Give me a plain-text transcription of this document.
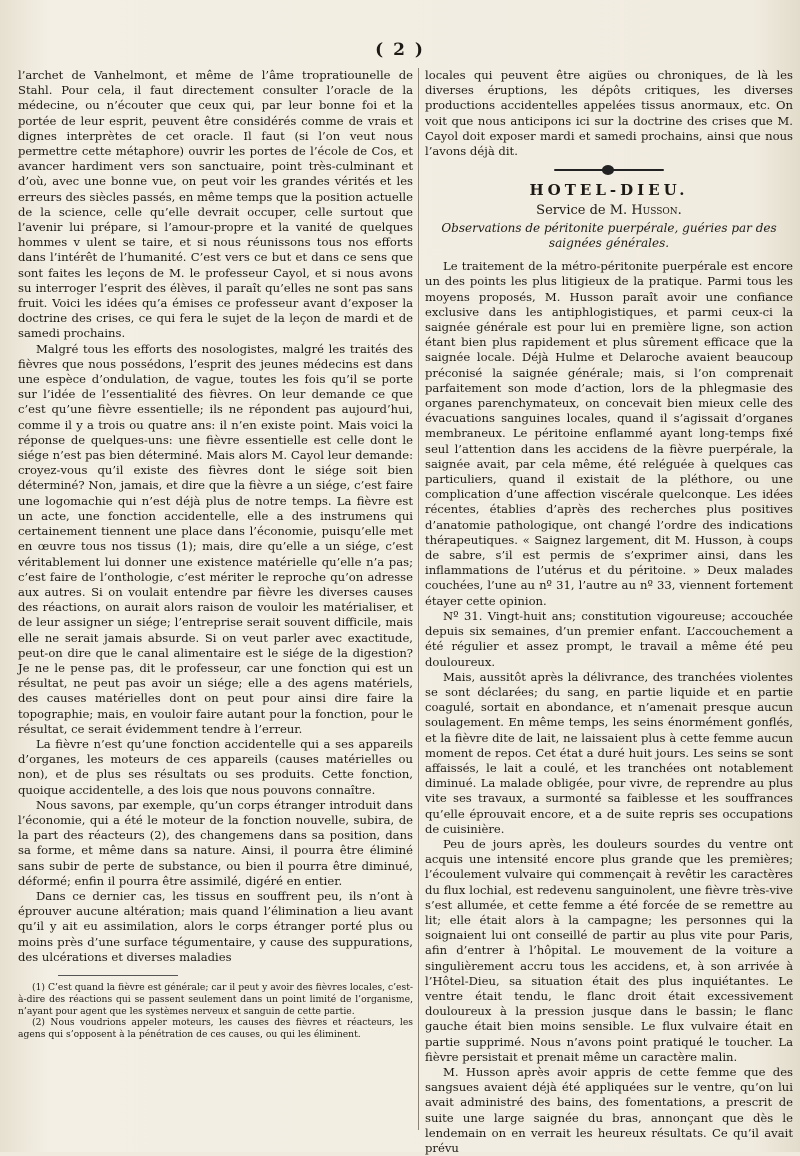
( 2 )

l’archet de Vanhelmont, et même de l’âme tropratiounelle de Stahl. Pour cela, il faut directement consulter l’oracle de la médecine, ou n’écouter que ceux qui, par leur bonne foi et la portée de leur esprit, peuvent être considérés comme de vrais et dignes interprètes de cet oracle. Il faut (si l’on veut nous permettre cette métaphore) ouvrir les portes de l’école de Cos, et avancer hardiment vers son sanctuaire, point très-culminant et d’où, avec une bonne vue, on peut voir les grandes vérités et les erreurs des siècles passés, en même temps que la position actuelle de la science, celle qu’elle devrait occuper, celle surtout que l’avenir lui prépare, si l’amour-propre et la vanité de quelques hommes v ulent se taire, et si nous réunissons tous nos efforts dans l’intérêt de l’humanité. C’est vers ce but et dans ce sens que sont faites les leçons de M. le professeur Cayol, et si nous avons su interroger l’esprit des élèves, il paraît qu’elles ne sont pas sans fruit. Voici les idées qu’a émises ce professeur avant d’exposer la doctrine des crises, ce qui fera le sujet de la leçon de mardi et de samedi prochains.

Malgré tous les efforts des nosologistes, malgré les traités des fièvres que nous possédons, l’esprit des jeunes médecins est dans une espèce d’ondulation, de vague, toutes les fois qu’il se porte sur l’idée de l’essentialité des fièvres. On leur demande ce que c’est qu’une fièvre essentielle; ils ne répondent pas aujourd’hui, comme il y a trois ou quatre ans: il n’en existe point. Mais voici la réponse de quelques-uns: une fièvre essentielle est celle dont le siége n’est pas bien déterminé. Mais alors M. Cayol leur demande: croyez-vous qu’il existe des fièvres dont le siége soit bien déterminé? Non, jamais, et dire que la fièvre a un siége, c’est faire une logomachie qui n’est déjà plus de notre temps. La fièvre est un acte, une fonction accidentelle, elle a des instrumens qui certainement tiennent une place dans l’économie, puisqu’elle met en œuvre tous nos tissus (1); mais, dire qu’elle a un siége, c’est véritablement lui donner une existence matérielle qu’elle n’a pas; c’est faire de l’onthologie, c’est mériter le reproche qu’on adresse aux autres. Si on voulait entendre par fièvre les diverses causes des réactions, on aurait alors raison de vouloir les matérialiser, et de leur assigner un siége; l’entreprise serait souvent difficile, mais elle ne serait jamais absurde. Si on veut parler avec exactitude, peut-on dire que le canal alimentaire est le siége de la digestion? Je ne le pense pas, dit le professeur, car une fonction qui est un résultat, ne peut pas avoir un siége; elle a des agens matériels, des causes matérielles dont on peut pour ainsi dire faire la topographie; mais, en vouloir faire autant pour la fonction, pour le résultat, ce serait évidemment tendre à l’erreur.

La fièvre n’est qu’une fonction accidentelle qui a ses appareils d’organes, les moteurs de ces appareils (causes matérielles ou non), et de plus ses résultats ou ses produits. Cette fonction, quoique accidentelle, a des lois que nous pouvons connaître.

Nous savons, par exemple, qu’un corps étranger introduit dans l’économie, qui a été le moteur de la fonction nouvelle, subira, de la part des réacteurs (2), des changemens dans sa position, dans sa forme, et même dans sa nature. Ainsi, il pourra être éliminé sans subir de perte de substance, ou bien il pourra être diminué, déformé; enfin il pourra être assimilé, digéré en entier.

Dans ce dernier cas, les tissus en souffrent peu, ils n’ont à éprouver aucune altération; mais quand l’élimination a lieu avant qu’il y ait eu assimilation, alors le corps étranger porté plus ou moins près d’une surface tégumentaire, y cause des suppurations, des ulcérations et diverses maladies

(1) C’est quand la fièvre est générale; car il peut y avoir des fièvres locales, c’est-à-dire des réactions qui se passent seulement dans un point limité de l’organisme, n’ayant pour agent que les systèmes nerveux et sanguin de cette partie.

(2) Nous voudrions appeler moteurs, les causes des fièvres et réacteurs, les agens qui s’opposent à la pénétration de ces causes, ou qui les éliminent.

locales qui peuvent être aigües ou chroniques, de là les diverses éruptions, les dépôts critiques, les diverses productions accidentelles appelées tissus anormaux, etc. On voit que nous anticipons ici sur la doctrine des crises que M. Cayol doit exposer mardi et samedi prochains, ainsi que nous l’avons déjà dit.

HOTEL-DIEU.
Service de M. Husson.
Observations de péritonite puerpérale, guéries par des saignées générales.

Le traitement de la métro-péritonite puerpérale est encore un des points les plus litigieux de la pratique. Parmi tous les moyens proposés, M. Husson paraît avoir une confiance exclusive dans les antiphlogistiques, et parmi ceux-ci la saignée générale est pour lui en première ligne, son action étant bien plus rapidement et plus sûrement efficace que la saignée locale. Déjà Hulme et Delaroche avaient beaucoup préconisé la saignée générale; mais, si l’on comprenait parfaitement son mode d’action, lors de la phlegmasie des organes parenchymateux, on concevait bien mieux celle des évacuations sanguines locales, quand il s’agissait d’organes membraneux. Le péritoine enflammé ayant long-temps fixé seul l’attention dans les accidens de la fièvre puerpérale, la saignée avait, par cela même, été reléguée à quelques cas particuliers, quand il existait de la pléthore, ou une complication d’une affection viscérale quelconque. Les idées récentes, établies d’après des recherches plus positives d’anatomie pathologique, ont changé l’ordre des indications thérapeutiques. « Saignez largement, dit M. Husson, à coups de sabre, s’il est permis de s’exprimer ainsi, dans les inflammations de l’utérus et du péritoine. » Deux malades couchées, l’une au nº 31, l’autre au nº 33, viennent fortement étayer cette opinion.

Nº 31. Vingt-huit ans; constitution vigoureuse; accouchée depuis six semaines, d’un premier enfant. L’accouchement a été régulier et assez prompt, le travail a même été peu douloureux.

Mais, aussitôt après la délivrance, des tranchées violentes se sont déclarées; du sang, en partie liquide et en partie coagulé, sortait en abondance, et n’amenait presque aucun soulagement. En même temps, les seins énormément gonflés, et la fièvre dite de lait, ne laissaient plus à cette femme aucun moment de repos. Cet état a duré huit jours. Les seins se sont affaissés, le lait a coulé, et les tranchées ont notablement diminué. La malade obligée, pour vivre, de reprendre au plus vite ses travaux, a surmonté sa faiblesse et les souffrances qu’elle éprouvait encore, et a de suite repris ses occupations de cuisinière.

Peu de jours après, les douleurs sourdes du ventre ont acquis une intensité encore plus grande que les premières; l’écoulement vulvaire qui commençait à revêtir les caractères du flux lochial, est redevenu sanguinolent, une fièvre très-vive s’est allumée, et cette femme a été forcée de se remettre au lit; elle était alors à la campagne; les personnes qui la soignaient lui ont conseillé de partir au plus vite pour Paris, afin d’entrer à l’hôpital. Le mouvement de la voiture a singulièrement accru tous les accidens, et, à son arrivée à l’Hôtel-Dieu, sa situation était des plus inquiétantes. Le ventre était tendu, le flanc droit était excessivement douloureux à la pression jusque dans le bassin; le flanc gauche était bien moins sensible. Le flux vulvaire était en partie supprimé. Nous n’avons point pratiqué le toucher. La fièvre persistait et prenait même un caractère malin.

M. Husson après avoir appris de cette femme que des sangsues avaient déjà été appliquées sur le ventre, qu’on lui avait administré des bains, des fomentations, a prescrit de suite une large saignée du bras, annonçant que dès le lendemain on en verrait les heureux résultats. Ce qu’il avait prévu
